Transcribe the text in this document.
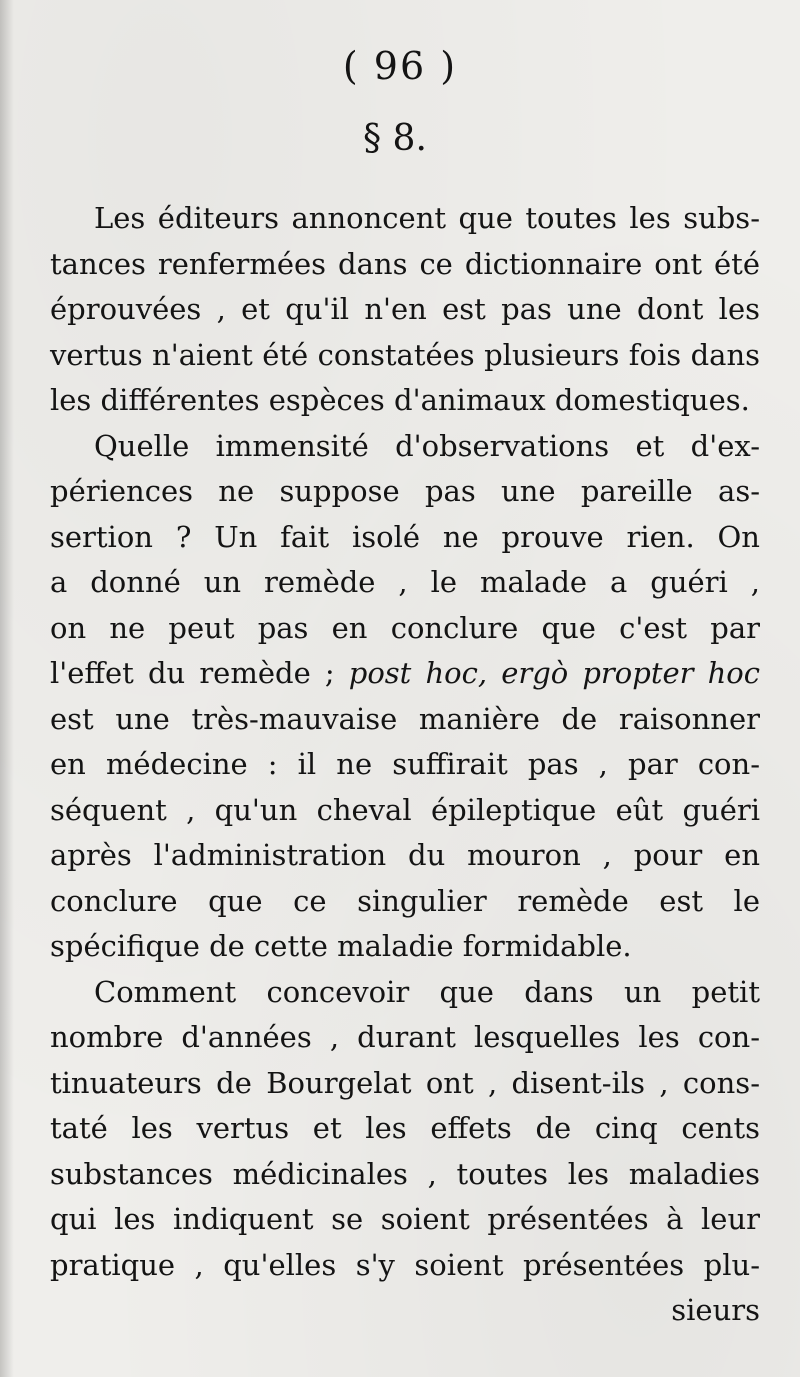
( 96 )
§ 8.
Les éditeurs annoncent que toutes les subs-
tances renfermées dans ce dictionnaire ont été
éprouvées , et qu'il n'en est pas une dont les
vertus n'aient été constatées plusieurs fois dans
les différentes espèces d'animaux domestiques.
Quelle immensité d'observations et d'ex-
périences ne suppose pas une pareille as-
sertion ? Un fait isolé ne prouve rien. On
a donné un remède , le malade a guéri ,
on ne peut pas en conclure que c'est par
l'effet du remède ; post hoc, ergò propter hoc
est une très-mauvaise manière de raisonner
en médecine : il ne suffirait pas , par con-
séquent , qu'un cheval épileptique eût guéri
après l'administration du mouron , pour en
conclure que ce singulier remède est le
spécifique de cette maladie formidable.
Comment concevoir que dans un petit
nombre d'années , durant lesquelles les con-
tinuateurs de Bourgelat ont , disent-ils , cons-
taté les vertus et les effets de cinq cents
substances médicinales , toutes les maladies
qui les indiquent se soient présentées à leur
pratique , qu'elles s'y soient présentées plu-
sieurs
